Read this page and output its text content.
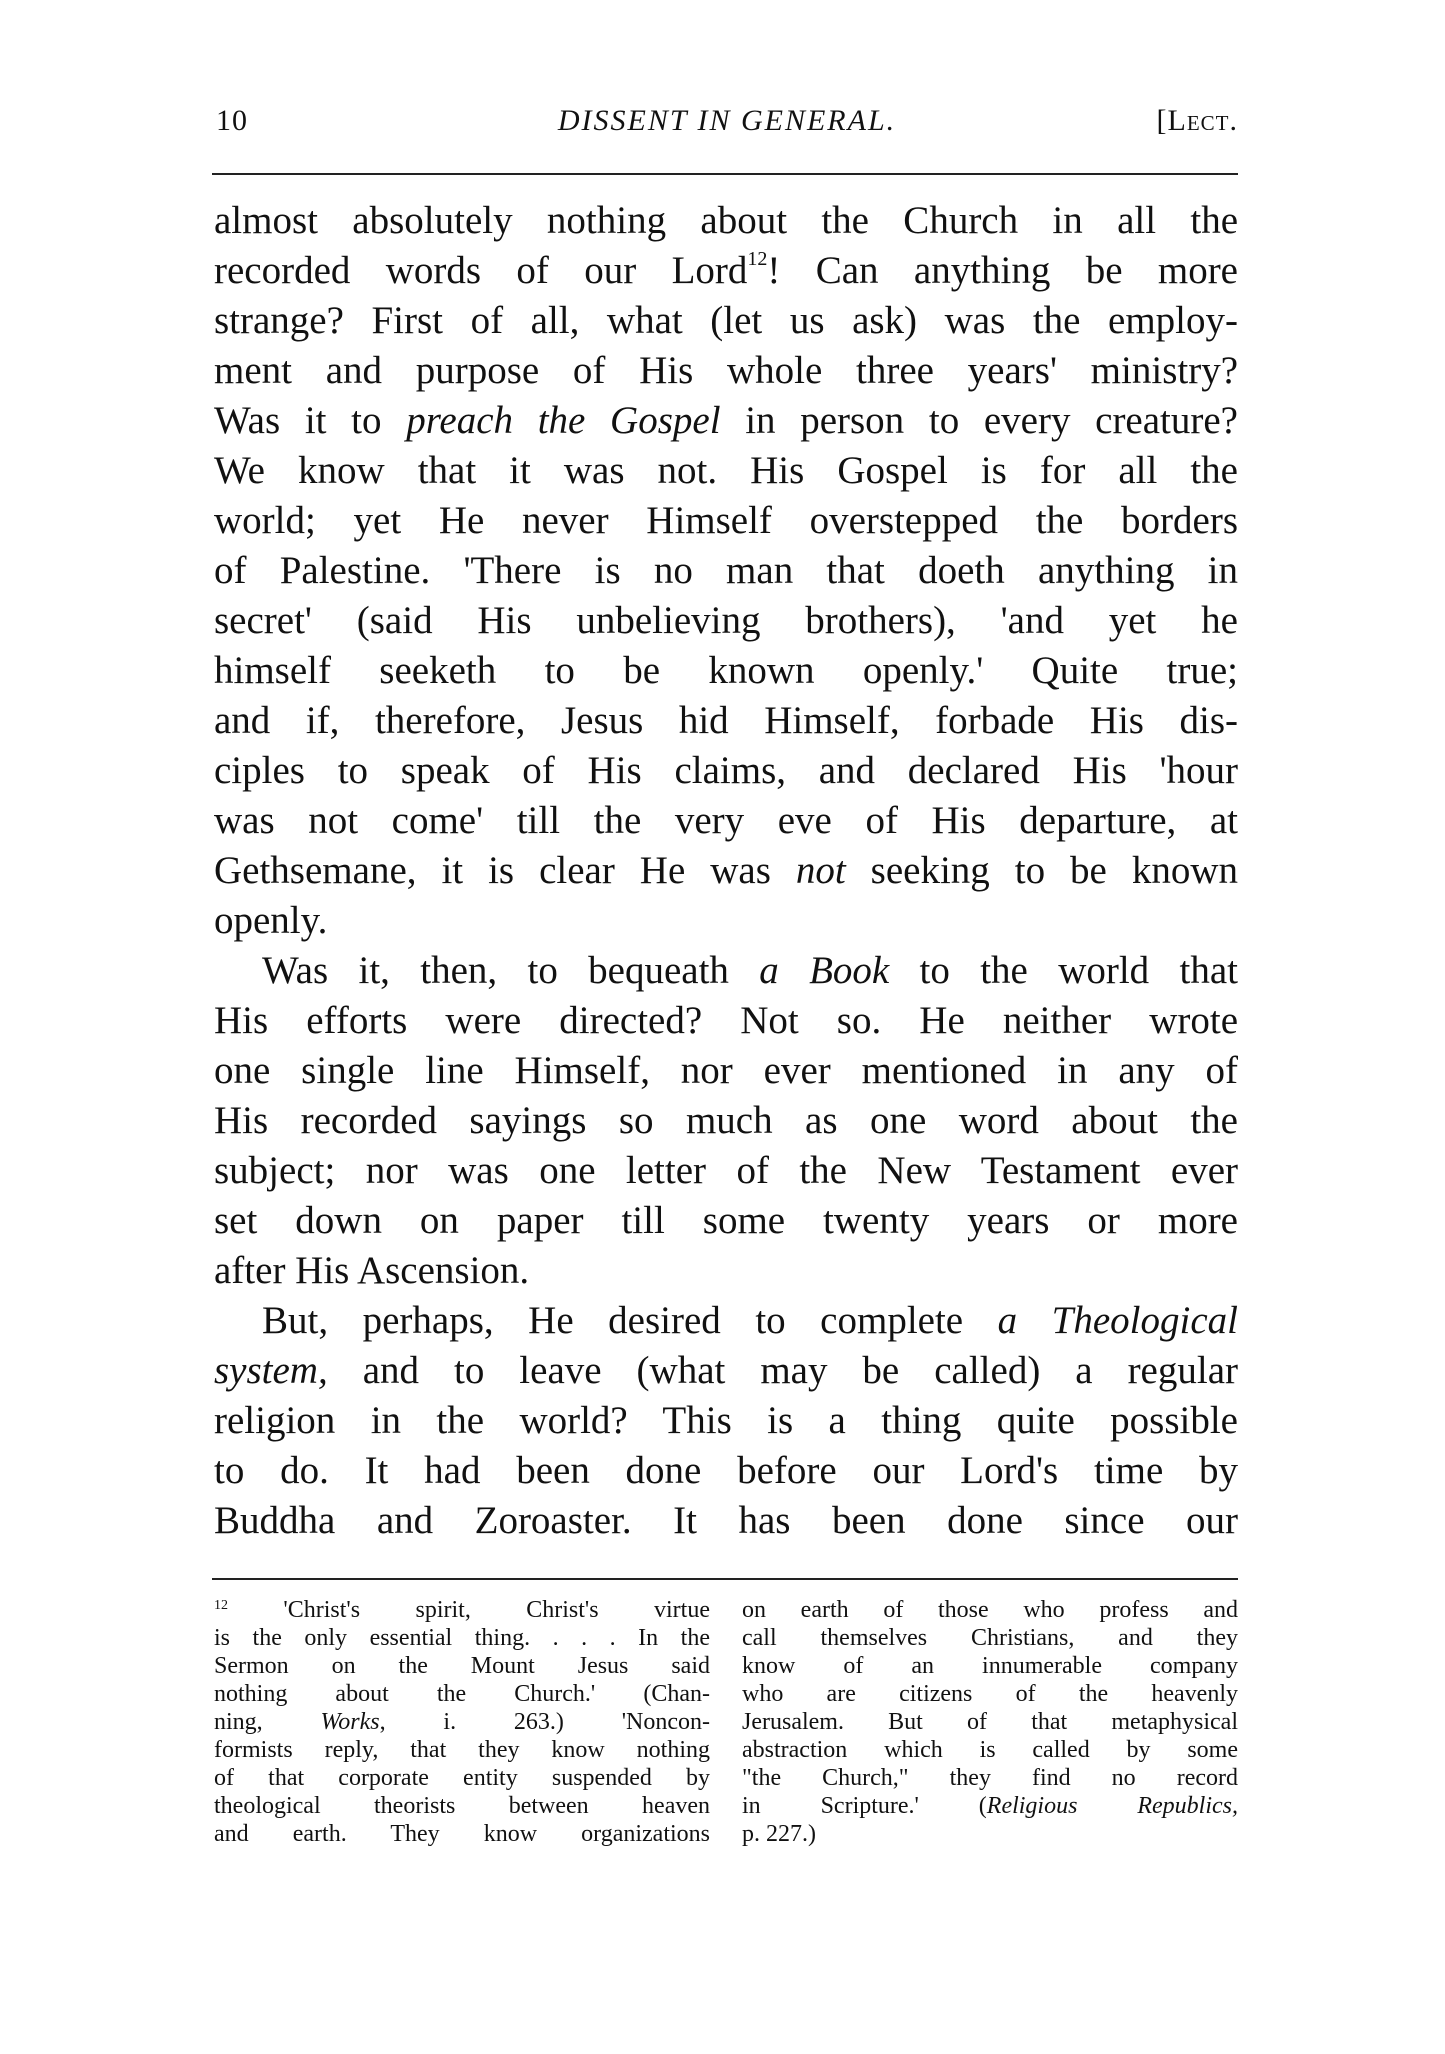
10	DISSENT IN GENERAL.	[Lect.
almost absolutely nothing about the Church in all the
recorded words of our Lord$^{12}$! Can anything be more
strange? First of all, what (let us ask) was the employ-
ment and purpose of His whole three years' ministry?
Was it to preach the Gospel in person to every creature?
We know that it was not. His Gospel is for all the
world; yet He never Himself overstepped the borders
of Palestine. 'There is no man that doeth anything in
secret' (said His unbelieving brothers), 'and yet he
himself seeketh to be known openly.' Quite true;
and if, therefore, Jesus hid Himself, forbade His dis-
ciples to speak of His claims, and declared His 'hour
was not come' till the very eve of His departure, at
Gethsemane, it is clear He was not seeking to be known
openly.
Was it, then, to bequeath a Book to the world that
His efforts were directed? Not so. He neither wrote
one single line Himself, nor ever mentioned in any of
His recorded sayings so much as one word about the
subject; nor was one letter of the New Testament ever
set down on paper till some twenty years or more
after His Ascension.
But, perhaps, He desired to complete a Theological
system, and to leave (what may be called) a regular
religion in the world? This is a thing quite possible
to do. It had been done before our Lord's time by
Buddha and Zoroaster. It has been done since our
$^{12}$ 'Christ's spirit, Christ's virtue
is the only essential thing. . . . In the
Sermon on the Mount Jesus said
nothing about the Church.' (Chan-
ning, Works, i. 263.) 'Noncon-
formists reply, that they know nothing
of that corporate entity suspended by
theological theorists between heaven
and earth. They know organizations
on earth of those who profess and
call themselves Christians, and they
know of an innumerable company
who are citizens of the heavenly
Jerusalem. But of that metaphysical
abstraction which is called by some
"the Church," they find no record
in Scripture.' (Religious Republics,
p. 227.)
